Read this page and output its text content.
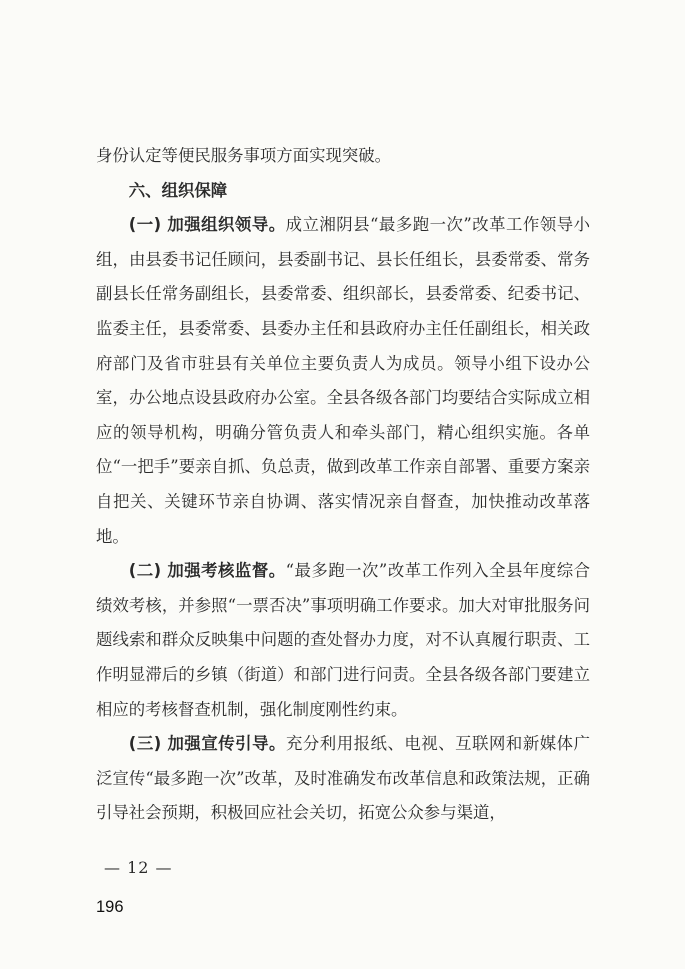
身份认定等便民服务事项方面实现突破。

六、组织保障

(一) 加强组织领导。成立湘阴县“最多跑一次”改革工作领导小组，由县委书记任顾问，县委副书记、县长任组长，县委常委、常务副县长任常务副组长，县委常委、组织部长，县委常委、纪委书记、监委主任，县委常委、县委办主任和县政府办主任任副组长，相关政府部门及省市驻县有关单位主要负责人为成员。领导小组下设办公室，办公地点设县政府办公室。全县各级各部门均要结合实际成立相应的领导机构，明确分管负责人和牵头部门，精心组织实施。各单位“一把手”要亲自抓、负总责，做到改革工作亲自部署、重要方案亲自把关、关键环节亲自协调、落实情况亲自督查，加快推动改革落地。

(二) 加强考核监督。“最多跑一次”改革工作列入全县年度综合绩效考核，并参照“一票否决”事项明确工作要求。加大对审批服务问题线索和群众反映集中问题的查处督办力度，对不认真履行职责、工作明显滞后的乡镇（街道）和部门进行问责。全县各级各部门要建立相应的考核督查机制，强化制度刚性约束。

(三) 加强宣传引导。充分利用报纸、电视、互联网和新媒体广泛宣传“最多跑一次”改革，及时准确发布改革信息和政策法规，正确引导社会预期，积极回应社会关切，拓宽公众参与渠道，

— 12 —
196
